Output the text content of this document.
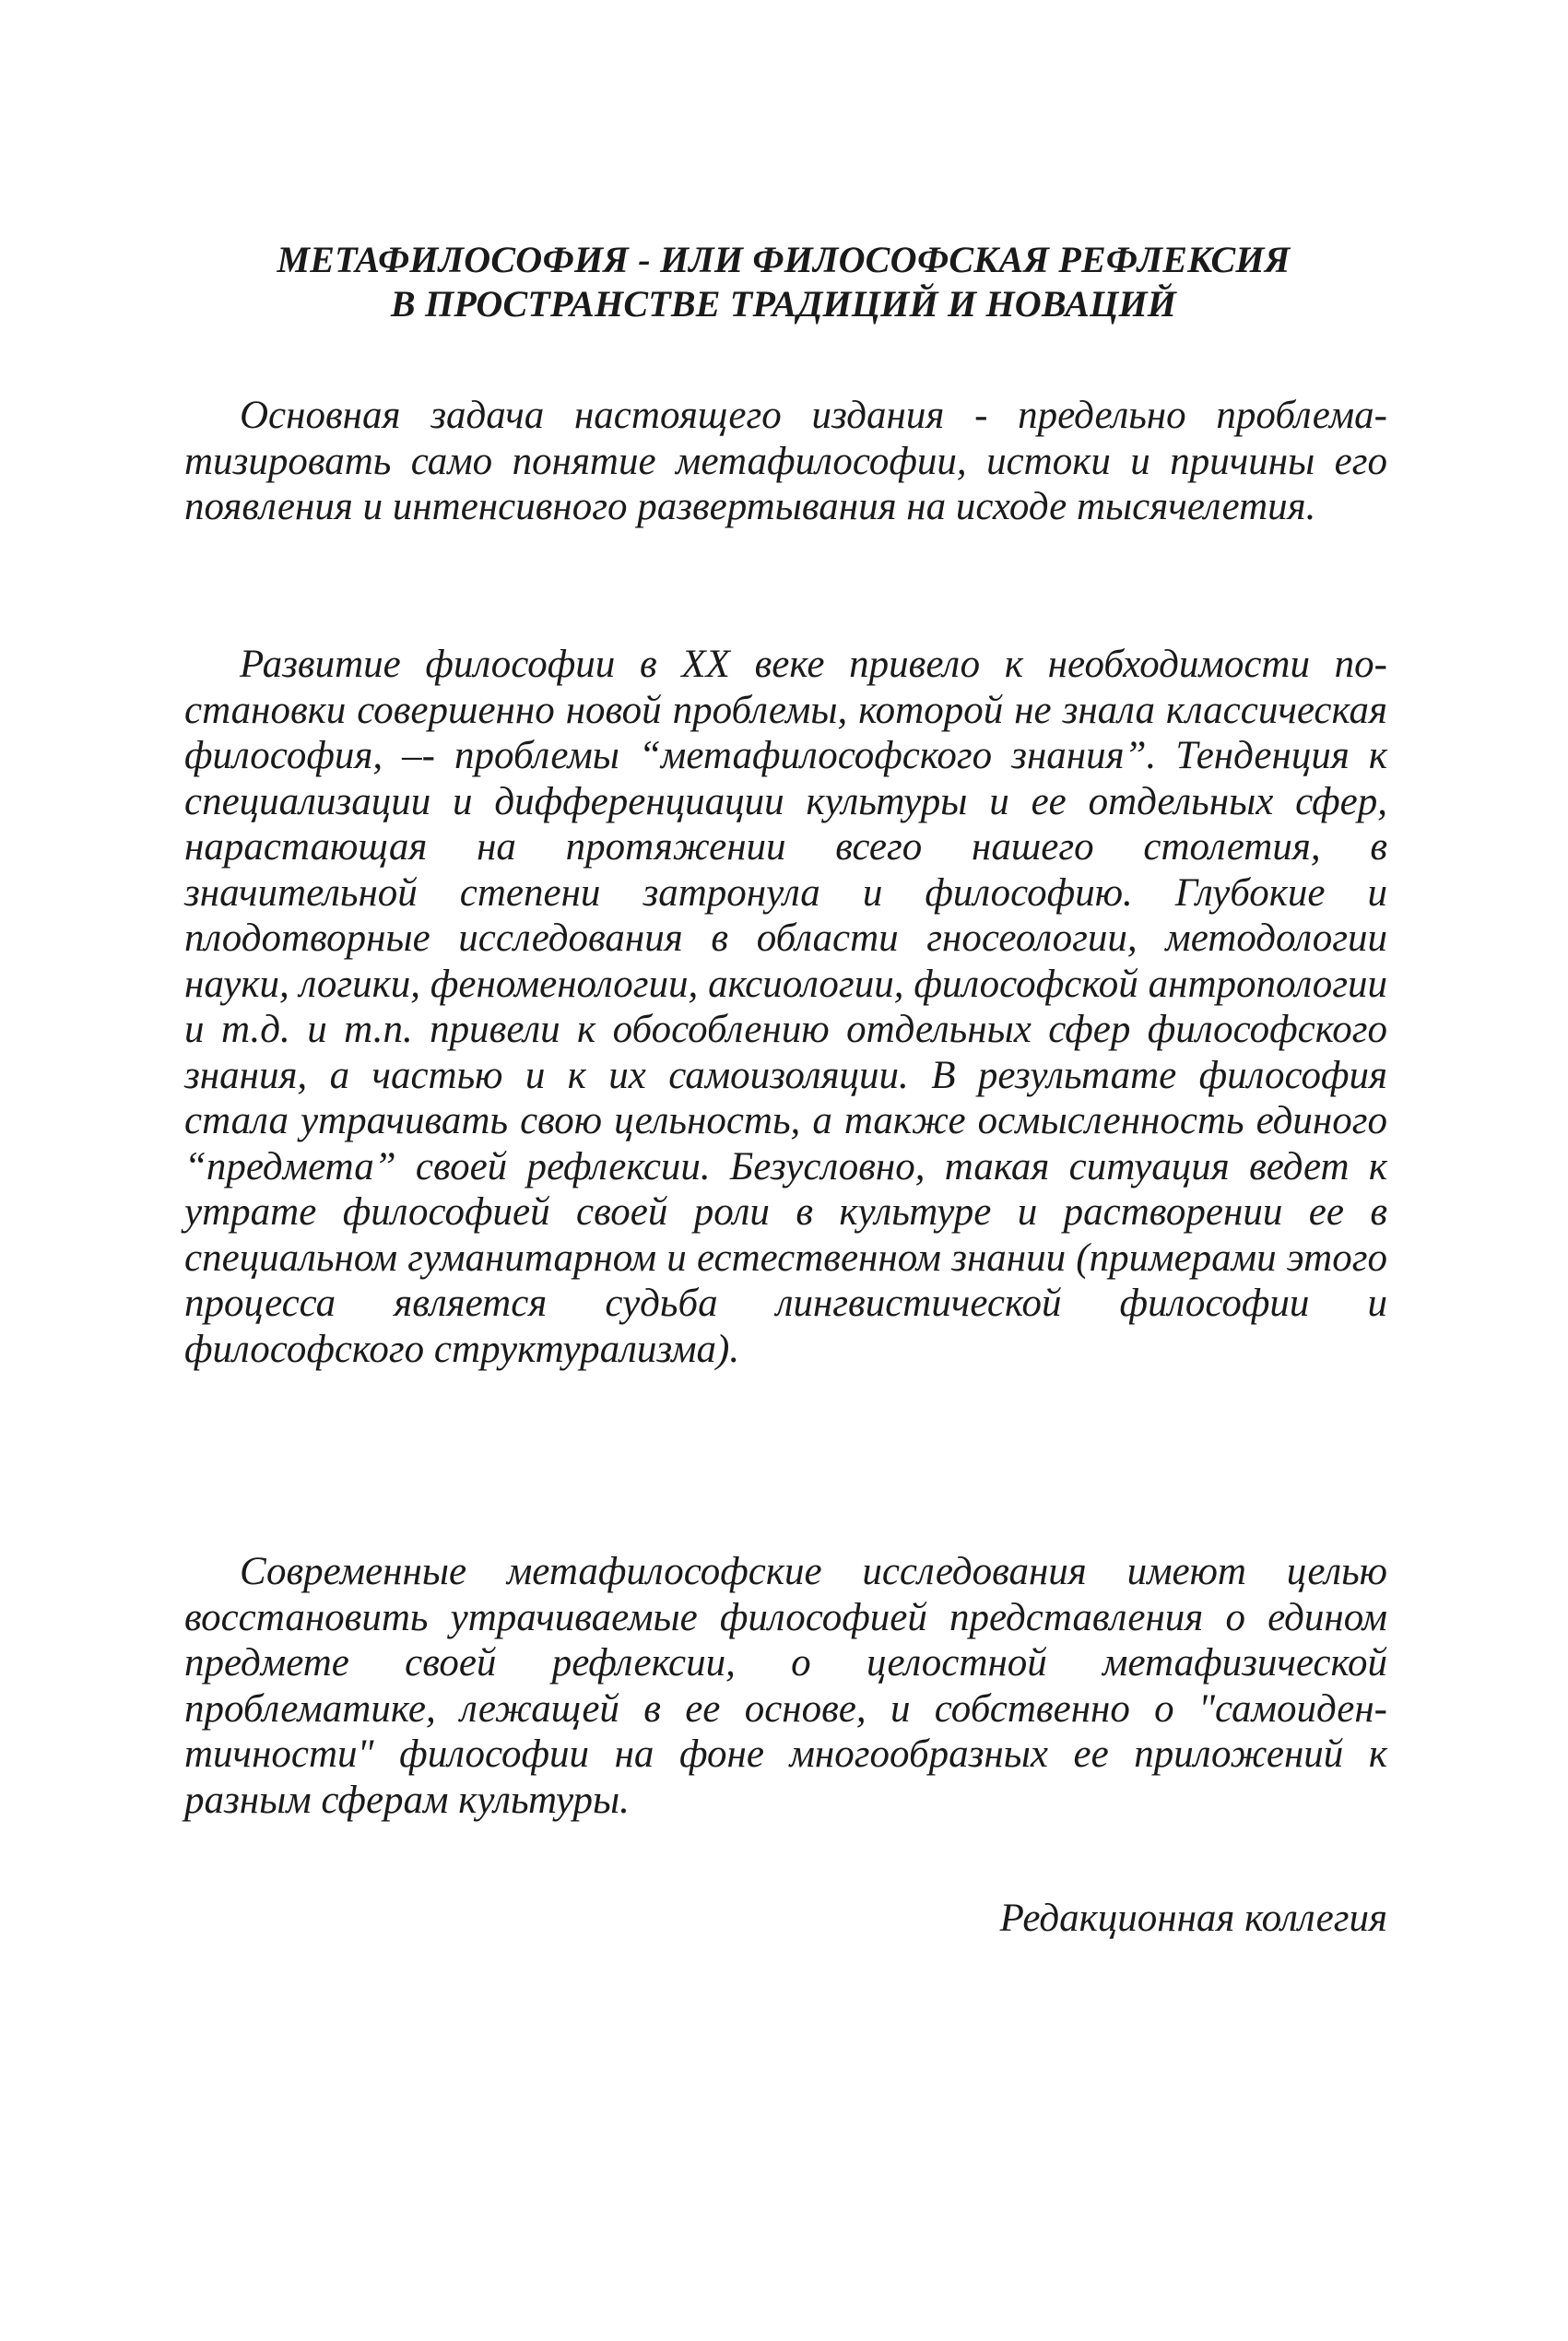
МЕТАФИЛОСОФИЯ - ИЛИ ФИЛОСОФСКАЯ РЕФЛЕКСИЯ
В ПРОСТРАНСТВЕ ТРАДИЦИЙ И НОВАЦИЙ

Основная задача настоящего издания - предельно проблематизировать само понятие метафилософии, истоки и причины его появления и интенсивного развертывания на исходе тысячелетия.

Развитие философии в XX веке привело к необходимости постановки совершенно новой проблемы, которой не знала классическая философия, –- проблемы “метафилософского знания”. Тенденция к специализации и дифференциации культуры и ее отдельных сфер, нарастающая на протяжении всего нашего столетия, в значительной степени затронула и философию. Глубокие и плодотворные исследования в области гносеологии, методологии науки, логики, феноменологии, аксиологии, философской антропологии и т.д. и т.п. привели к обособлению отдельных сфер философского знания, а частью и к их самоизоляции. В результате философия стала утрачивать свою цельность, а также осмысленность единого “предмета” своей рефлексии. Безусловно, такая ситуация ведет к утрате философией своей роли в культуре и растворении ее в специальном гуманитарном и естественном знании (примерами этого процесса является судьба лингвистической философии и философского структурализма).

Современные метафилософские исследования имеют целью восстановить утрачиваемые философией представления о едином предмете своей рефлексии, о целостной метафизической проблематике, лежащей в ее основе, и собственно о "самоидентичности" философии на фоне многообразных ее приложений к разным сферам культуры.

Редакционная коллегия
